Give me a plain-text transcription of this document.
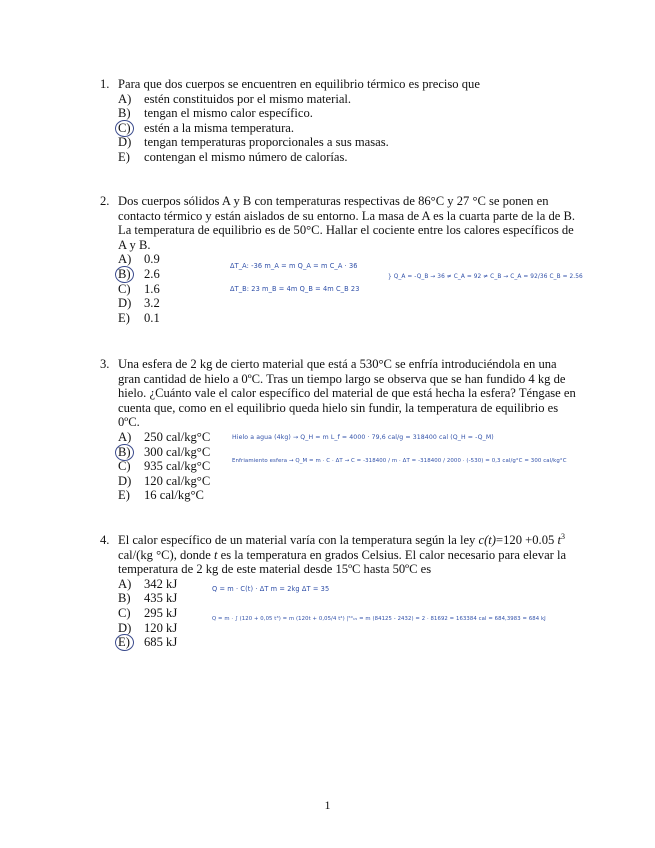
1. Para que dos cuerpos se encuentren en equilibrio térmico es preciso que
A)	estén constituidos por el mismo material.
B)	tengan el mismo calor específico.
C)	estén a la misma temperatura.
D)	tengan temperaturas proporcionales a sus masas.
E)	contengan el mismo número de calorías.
2. Dos cuerpos sólidos A y B con temperaturas respectivas de 86°C y 27 °C se ponen en contacto térmico y están aislados de su entorno. La masa de A es la cuarta parte de la de B. La temperatura de equilibrio es de 50°C. Hallar el cociente entre los calores específicos de A y B.
A)	0.9
B)	2.6
C)	1.6
D)	3.2
E)	0.1
3. Una esfera de 2 kg de cierto material que está a 530°C se enfría introduciéndola en una gran cantidad de hielo a 0ºC. Tras un tiempo largo se observa que se han fundido 4 kg de hielo. ¿Cuánto vale el calor específico del material de que está hecha la esfera? Téngase en cuenta que, como en el equilibrio queda hielo sin fundir, la temperatura de equilibrio es 0ºC.
A)	250 cal/kg°C
B)	300 cal/kg°C
C)	935 cal/kg°C
D)	120 cal/kg°C
E)	16 cal/kg°C
4. El calor específico de un material varía con la temperatura según la ley c(t)=120 +0.05 $t^3$ cal/(kg °C), donde t es la temperatura en grados Celsius. El calor necesario para elevar la temperatura de 2 kg de este material desde 15ºC hasta 50ºC es
A)	342 kJ
B)	435 kJ
C)	295 kJ
D)	120 kJ
E)	685 kJ
ΔT_A: -36 m_A = m Q_A = m C_A · 36
ΔT_B: 23 m_B = 4m Q_B = 4m C_B 23
} Q_A = -Q_B → 36 ≠ C_A = 92 ≠ C_B → C_A = 92/36 C_B = 2.56
Hielo a agua (4kg) → Q_H = m L_f = 4000 · 79,6 cal/g = 318400 cal (Q_H = -Q_M)
Enfriamiento esfera → Q_M = m · C · ΔT → C = -318400 / m · ΔT = -318400 / 2000 · (-530) = 0,3 cal/g°C = 300 cal/kg°C
Q = m · C(t) · ΔT m = 2kg ΔT = 35
Q = m · ∫ (120 + 0,05 t³) = m (120t + 0,05/4 t⁴) |⁵⁰₁₅ = m (84125 - 2432) = 2 · 81692 = 163384 cal = 684,3983 = 684 kJ
1
